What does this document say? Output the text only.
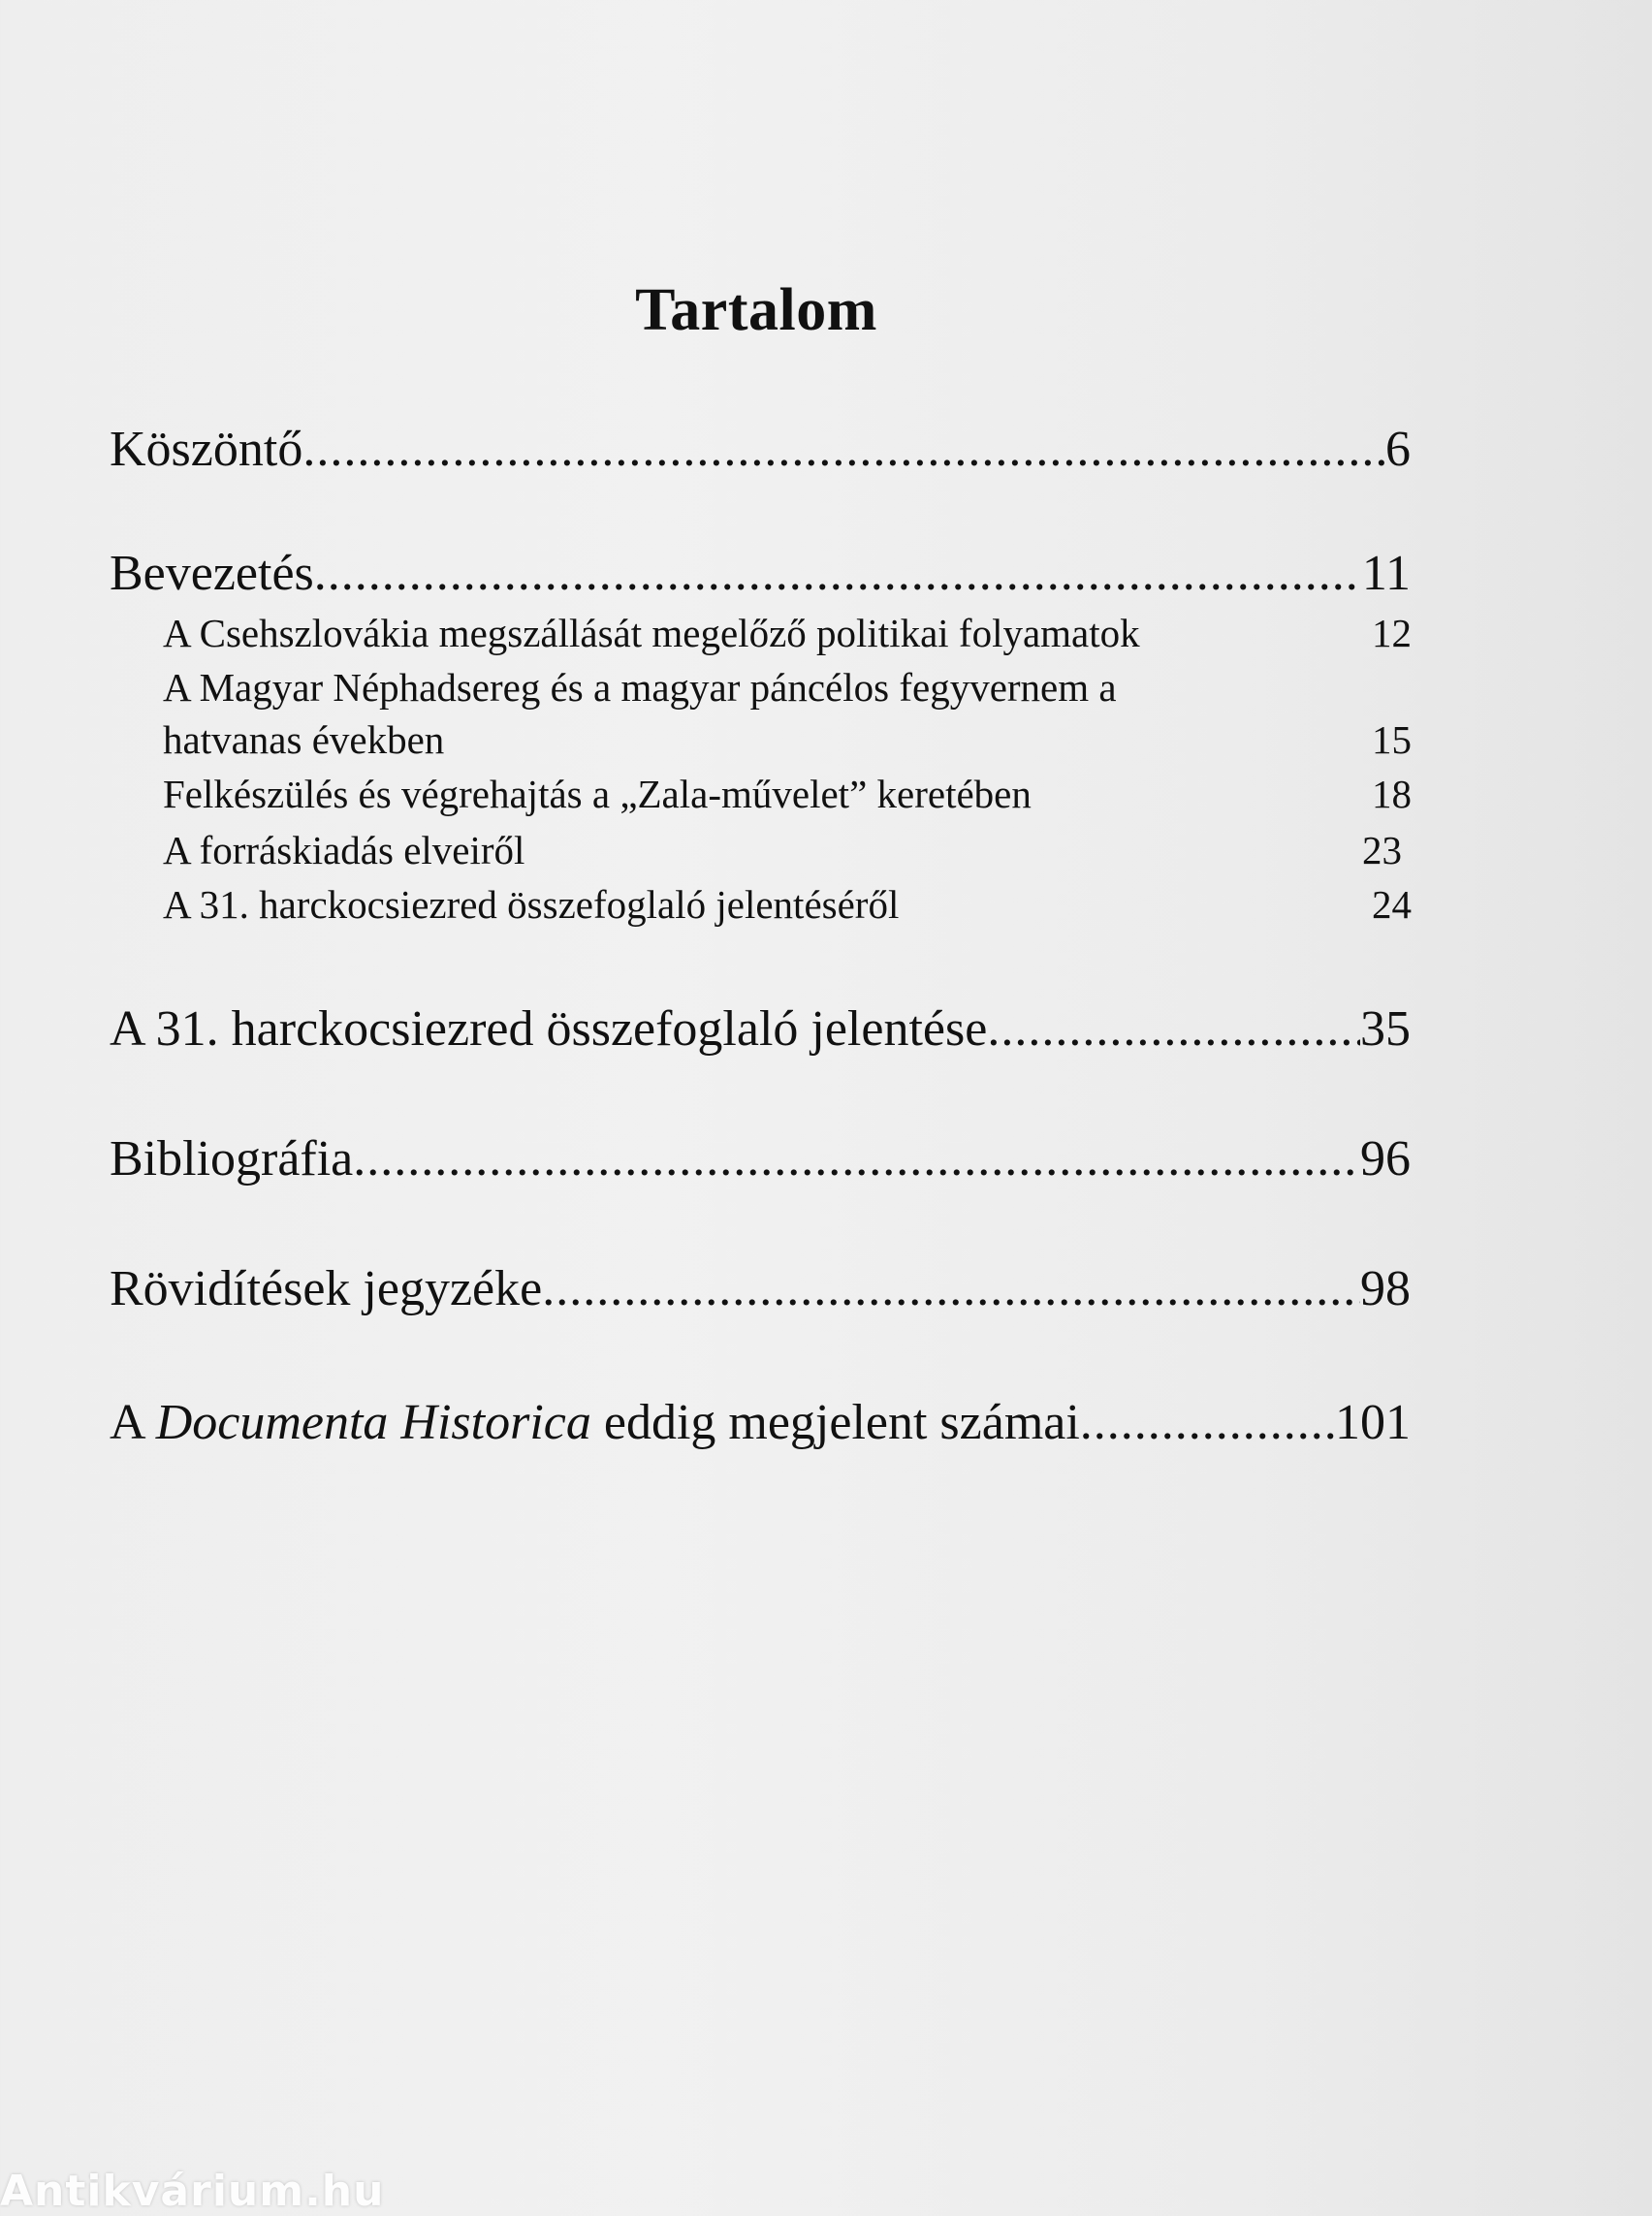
Tartalom
Köszöntő .....	6
Bevezetés .....	11
A Csehszlovákia megszállását megelőző politikai folyamatok	12
A Magyar Néphadsereg és a magyar páncélos fegyvernem a
hatvanas években	15
Felkészülés és végrehajtás a „Zala-művelet” keretében	18
A forráskiadás elveiről	23
A 31. harckocsiezred összefoglaló jelentéséről	24
A 31. harckocsiezred összefoglaló jelentése .....	35
Bibliográfia .....	96
Rövidítések jegyzéke .....	98
A Documenta Historica eddig megjelent számai .....	101
Antikvárium.hu
